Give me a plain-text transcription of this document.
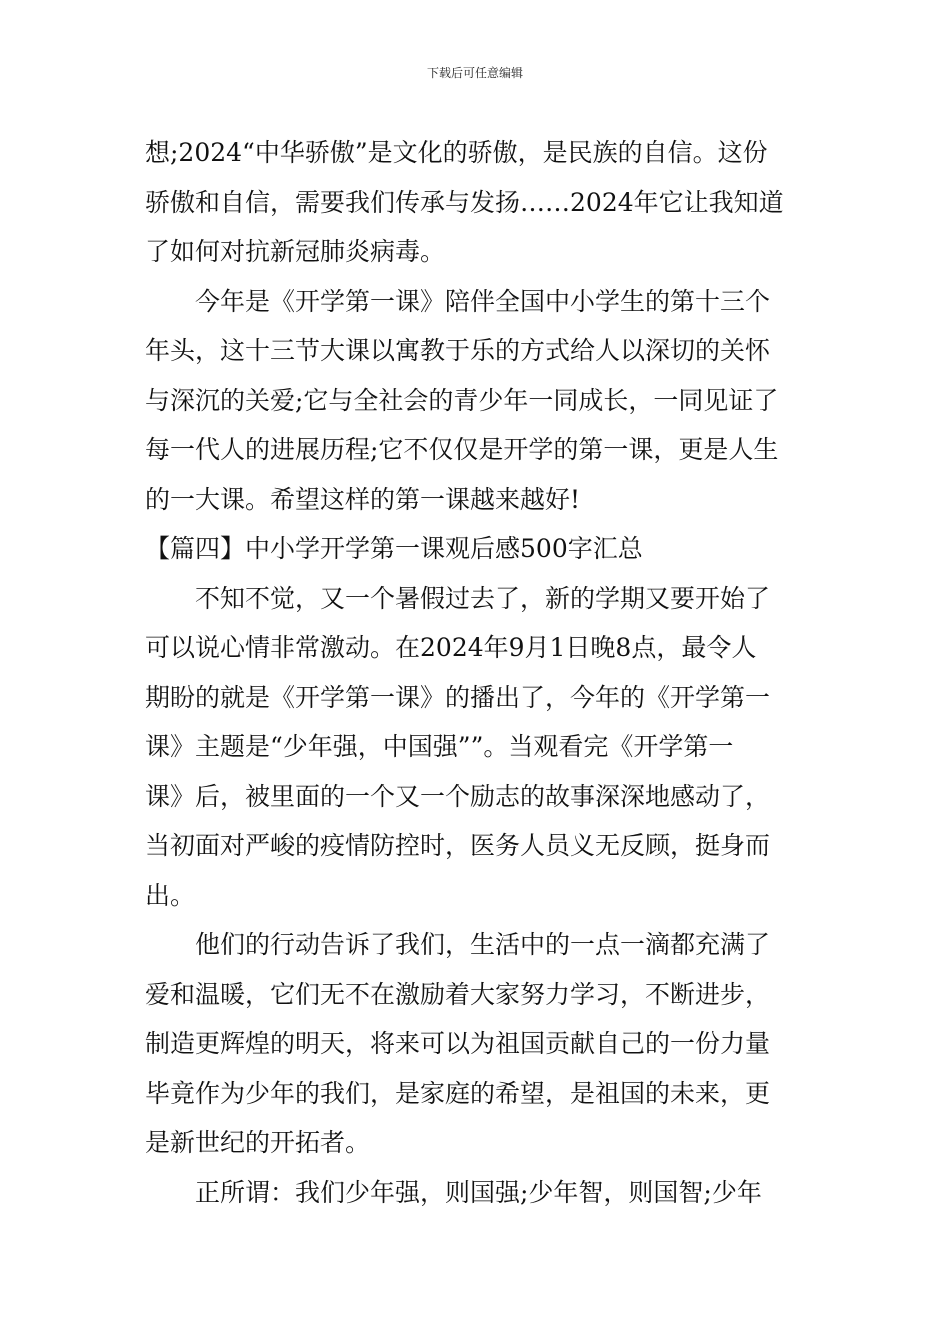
下载后可任意编辑
想;2024“中华骄傲”是文化的骄傲，是民族的自信。这份
骄傲和自信，需要我们传承与发扬……2024年它让我知道
了如何对抗新冠肺炎病毒。
今年是《开学第一课》陪伴全国中小学生的第十三个
年头，这十三节大课以寓教于乐的方式给人以深切的关怀
与深沉的关爱;它与全社会的青少年一同成长，一同见证了
每一代人的进展历程;它不仅仅是开学的第一课，更是人生
的一大课。希望这样的第一课越来越好!
【篇四】中小学开学第一课观后感500字汇总
不知不觉，又一个暑假过去了，新的学期又要开始了
可以说心情非常激动。在2024年9月1日晚8点，最令人
期盼的就是《开学第一课》的播出了，今年的《开学第一
课》主题是“少年强，中国强””。当观看完《开学第一
课》后，被里面的一个又一个励志的故事深深地感动了，
当初面对严峻的疫情防控时，医务人员义无反顾，挺身而
出。
他们的行动告诉了我们，生活中的一点一滴都充满了
爱和温暖，它们无不在激励着大家努力学习，不断进步，
制造更辉煌的明天，将来可以为祖国贡献自己的一份力量
毕竟作为少年的我们，是家庭的希望，是祖国的未来，更
是新世纪的开拓者。
正所谓：我们少年强，则国强;少年智，则国智;少年
